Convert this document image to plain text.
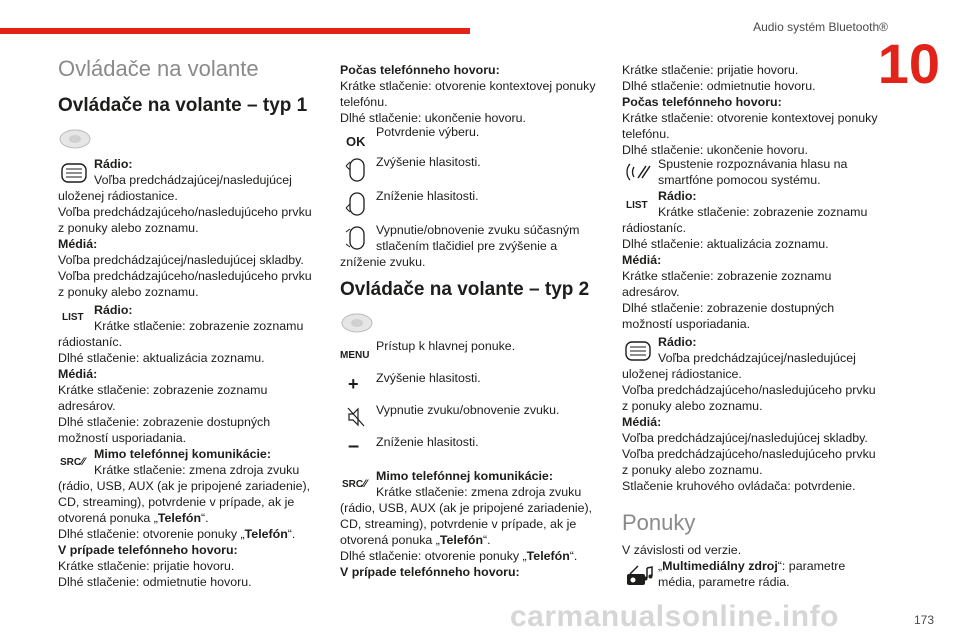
Audio systém Bluetooth®
10
Ovládače na volante
Ovládače na volante – typ 1
Rádio:
Voľba predchádzajúcej/nasledujúcej
uloženej rádiostanice.
Voľba predchádzajúceho/nasledujúceho prvku z ponuky alebo zoznamu.
Médiá:
Voľba predchádzajúcej/nasledujúcej skladby.
Voľba predchádzajúceho/nasledujúceho prvku z ponuky alebo zoznamu.
LIST
Rádio:
Krátke stlačenie: zobrazenie zoznamu
rádiostaníc.
Dlhé stlačenie: aktualizácia zoznamu.
Médiá:
Krátke stlačenie: zobrazenie zoznamu adresárov.
Dlhé stlačenie: zobrazenie dostupných možností usporiadania.
SRC⁄⁄
Mimo telefónnej komunikácie:
Krátke stlačenie: zmena zdroja zvuku
(rádio, USB, AUX (ak je pripojené zariadenie), CD, streaming), potvrdenie v prípade, ak je otvorená ponuka „Telefón“.
Dlhé stlačenie: otvorenie ponuky „Telefón“.
V prípade telefónneho hovoru:
Krátke stlačenie: prijatie hovoru.
Dlhé stlačenie: odmietnutie hovoru.
Počas telefónneho hovoru:
Krátke stlačenie: otvorenie kontextovej ponuky telefónu.
Dlhé stlačenie: ukončenie hovoru.
OK
Potvrdenie výberu.
Zvýšenie hlasitosti.
Zníženie hlasitosti.
Vypnutie/obnovenie zvuku súčasným
stlačením tlačidiel pre zvýšenie a zníženie zvuku.
Ovládače na volante – typ 2
MENU
Prístup k hlavnej ponuke.
+ Zvýšenie hlasitosti.
Vypnutie zvuku/obnovenie zvuku.
– Zníženie hlasitosti.
SRC⁄⁄
Mimo telefónnej komunikácie:
Krátke stlačenie: zmena zdroja zvuku
(rádio, USB, AUX (ak je pripojené zariadenie), CD, streaming), potvrdenie v prípade, ak je otvorená ponuka „Telefón“.
Dlhé stlačenie: otvorenie ponuky „Telefón“.
V prípade telefónneho hovoru:
Krátke stlačenie: prijatie hovoru.
Dlhé stlačenie: odmietnutie hovoru.
Počas telefónneho hovoru:
Krátke stlačenie: otvorenie kontextovej ponuky telefónu.
Dlhé stlačenie: ukončenie hovoru.
Spustenie rozpoznávania hlasu na smartfóne pomocou systému.
LIST
Rádio:
Krátke stlačenie: zobrazenie zoznamu
rádiostaníc.
Dlhé stlačenie: aktualizácia zoznamu.
Médiá:
Krátke stlačenie: zobrazenie zoznamu adresárov.
Dlhé stlačenie: zobrazenie dostupných možností usporiadania.
Rádio:
Voľba predchádzajúcej/nasledujúcej
uloženej rádiostanice.
Voľba predchádzajúceho/nasledujúceho prvku z ponuky alebo zoznamu.
Médiá:
Voľba predchádzajúcej/nasledujúcej skladby.
Voľba predchádzajúceho/nasledujúceho prvku z ponuky alebo zoznamu.
Stlačenie kruhového ovládača: potvrdenie.
Ponuky
V závislosti od verzie.
„Multimediálny zdroj“: parametre média, parametre rádia.
carmanualsonline.info	173
